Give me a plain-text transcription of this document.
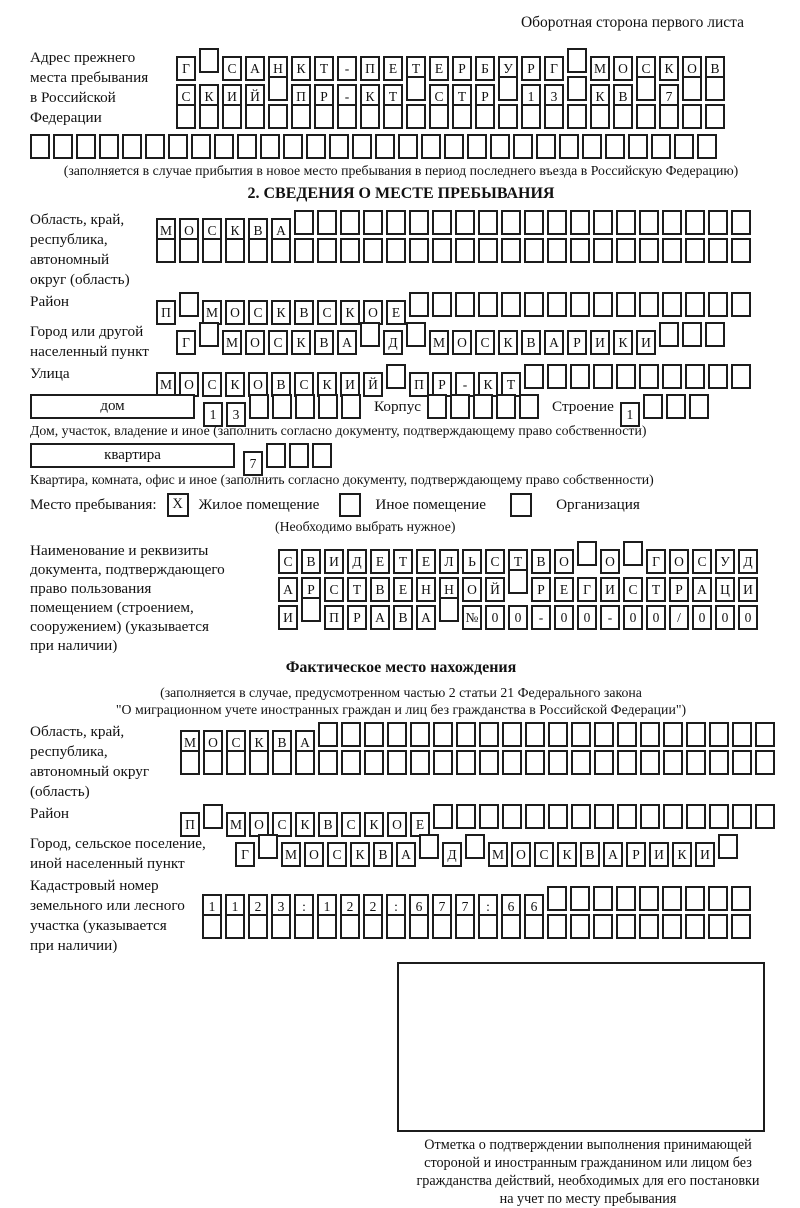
Оборотная сторона первого листа
Адрес прежнего
места пребывания
в Российской
Федерации
Г	С А Н К Т - П Е Т Е Р Б У Р Г	М О С К О В
С К И Й	П Р - К Т	С Т Р	1 3	К В	7
(заполняется в случае прибытия в новое место пребывания в период последнего въезда в Российскую Федерацию)
2. СВЕДЕНИЯ О МЕСТЕ ПРЕБЫВАНИЯ
Область, край,
республика,
автономный
округ (область)
М О С К В А
Район
П	М О С К В С К О Е
Город или другой
населенный пункт
Г	М О С К В А	Д	М О С К В А Р И К И
Улица
М О С К О В С К И Й	П Р - К Т
дом
1 3	Корпус	Строение 1
Дом, участок, владение и иное (заполнить согласно документу, подтверждающему право собственности)
квартира
7
Квартира, комната, офис и иное (заполнить согласно документу, подтверждающему право собственности)
Место пребывания:	X	Жилое помещение	Иное помещение	Организация
(Необходимо выбрать нужное)
Наименование и реквизиты
документа, подтверждающего
право пользования
помещением (строением,
сооружением) (указывается
при наличии)
С В И Д Е Т Е Л Ь С Т В О	О	Г О С У Д
А Р С Т В Е Н Н О Й	Р Е Г И С Т Р А Ц И
И	П Р А В А	№ 0 0 - 0 0 - 0 0 / 0 0 0
Фактическое место нахождения
(заполняется в случае, предусмотренном частью 2 статьи 21 Федерального закона
"О миграционном учете иностранных граждан и лиц без гражданства в Российской Федерации")
Область, край,
республика,
автономный округ
(область)
М О С К В А
Район
П	М О С К В С К О Е
Город, сельское поселение,
иной населенный пункт
Г	М О С К В А	Д	М О С К В А Р И К И
Кадастровый номер
земельного или лесного
участка (указывается
при наличии)
1 1 2 3 : 1 2 2 : 6 7 7 : 6 6
Отметка о подтверждении выполнения принимающей
стороной и иностранным гражданином или лицом без
гражданства действий, необходимых для его постановки
на учет по месту пребывания
